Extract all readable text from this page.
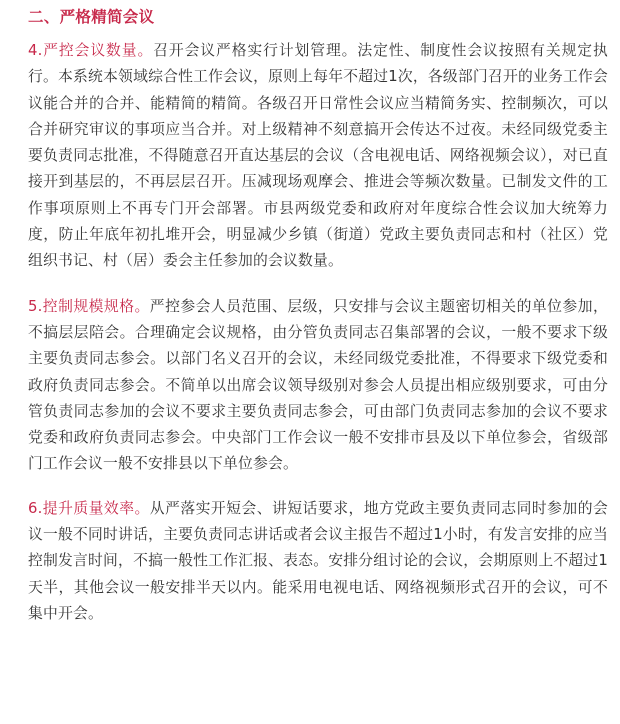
二、严格精简会议

4.严控会议数量。召开会议严格实行计划管理。法定性、制度性会议按照有关规定执行。本系统本领域综合性工作会议，原则上每年不超过1次，各级部门召开的业务工作会议能合并的合并、能精简的精简。各级召开日常性会议应当精简务实、控制频次，可以合并研究审议的事项应当合并。对上级精神不刻意搞开会传达不过夜。未经同级党委主要负责同志批准，不得随意召开直达基层的会议（含电视电话、网络视频会议），对已直接开到基层的，不再层层召开。压减现场观摩会、推进会等频次数量。已制发文件的工作事项原则上不再专门开会部署。市县两级党委和政府对年度综合性会议加大统筹力度，防止年底年初扎堆开会，明显减少乡镇（街道）党政主要负责同志和村（社区）党组织书记、村（居）委会主任参加的会议数量。

5.控制规模规格。严控参会人员范围、层级，只安排与会议主题密切相关的单位参加，不搞层层陪会。合理确定会议规格，由分管负责同志召集部署的会议，一般不要求下级主要负责同志参会。以部门名义召开的会议，未经同级党委批准，不得要求下级党委和政府负责同志参会。不简单以出席会议领导级别对参会人员提出相应级别要求，可由分管负责同志参加的会议不要求主要负责同志参会，可由部门负责同志参加的会议不要求党委和政府负责同志参会。中央部门工作会议一般不安排市县及以下单位参会，省级部门工作会议一般不安排县以下单位参会。

6.提升质量效率。从严落实开短会、讲短话要求，地方党政主要负责同志同时参加的会议一般不同时讲话，主要负责同志讲话或者会议主报告不超过1小时，有发言安排的应当控制发言时间，不搞一般性工作汇报、表态。安排分组讨论的会议，会期原则上不超过1天半，其他会议一般安排半天以内。能采用电视电话、网络视频形式召开的会议，可不集中开会。
